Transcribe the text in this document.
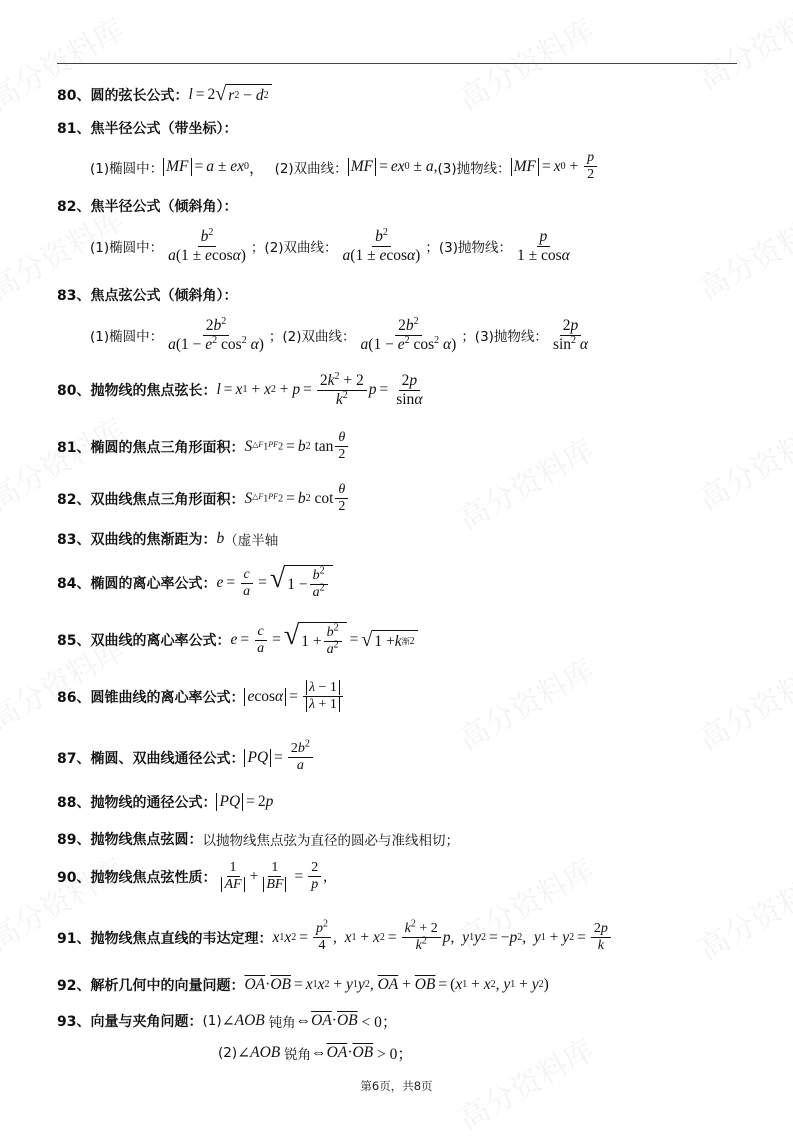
80、 圆的弦长公式： l = 2 √ r 2 − d 2
81、 焦半径公式（带坐标）：
(1)椭圆中： MF = a ± ex 0 ， (2)双曲线： MF = ex 0 ± a , (3)抛物线： MF = x $0 + \frac{p}{2}$
82、 焦半径公式（倾斜角）：
(1)椭圆中： $\frac{b^2}{a(1 \pm ecos\alpha)}$ ；(2)双曲线： $\frac{b^2}{a(1 \pm ecos\alpha)}$ ；(3)抛物线： $\frac{p}{1 \pm \cos\alpha}$
83、 焦点弦公式（倾斜角）：
(1)椭圆中： $\frac{2b^2}{a(1 - e^2 \cos^2 \alpha)}$ ；(2)双曲线： $\frac{2b^2}{a(1 - e^2 \cos^2 \alpha)}$ ；(3)抛物线： $\frac{2p}{\sin^2 \alpha}$
80、 抛物线的焦点弦长： l = x 1 + x $2 + p = \frac{2k^2 + 2}{k^2}$ $p = \frac{2p}{\sin\alpha}$
81、 椭圆的焦点三角形面积： S $\triangle F_1PF_2 = b$ 2 $\tan \frac{\theta}{2}$
82、 双曲线焦点三角形面积： S $\triangle F_1PF_2 = b$ 2 $\cot \frac{\theta}{2}$
83、 双曲线的焦渐距为： b （虚半轴
84、 椭圆的离心率公式： $e = \frac{c}{a}$ = √ $1 - \frac{b^2}{a^2}$
85、 双曲线的离心率公式： $e = \frac{c}{a}$ = √ $1 + \frac{b^2}{a^2}$ = √ 1 + k 渐 2
86、 圆锥曲线的离心率公式： $ecos\alpha = \frac{\lambda - 1}{\lambda + 1}$
87、 椭圆、双曲线通径公式： PQ = $\frac{2b^2}{a}$
88、 抛物线的通径公式： PQ = 2 p
89、 抛物线焦点弦圆： 以抛物线焦点弦为直径的圆必与准线相切；
90、 抛物线焦点弦性质： $\frac{1}{AF} + \frac{1}{BF} = \frac{2}{p}$ ,
91、 抛物线焦点直线的韦达定理： x 1 x $2 = \frac{p^2}{4}$ , x 1 + x $2 = \frac{k^2 + 2}{k^2}$ p , y 1 y 2 = − p 2 , y 1 + y $2 = \frac{2p}{k}$
92、 解析几何中的向量问题： $\overline{OA} \cdot \overline{OB} = x$ 1 x 2 + y 1 y 2 , $\overline{OA} + \overline{OB}$ = ( x 1 + x 2 , y 1 + y 2 )
93、 向量与夹角问题： (1) ∠ AOB
钝角 ⇔ $\overline{OA} \cdot \overline{OB} < 0$；
(2) ∠ AOB
锐角 ⇔ $\overline{OA} \cdot \overline{OB} > 0$；
第6页，共8页
